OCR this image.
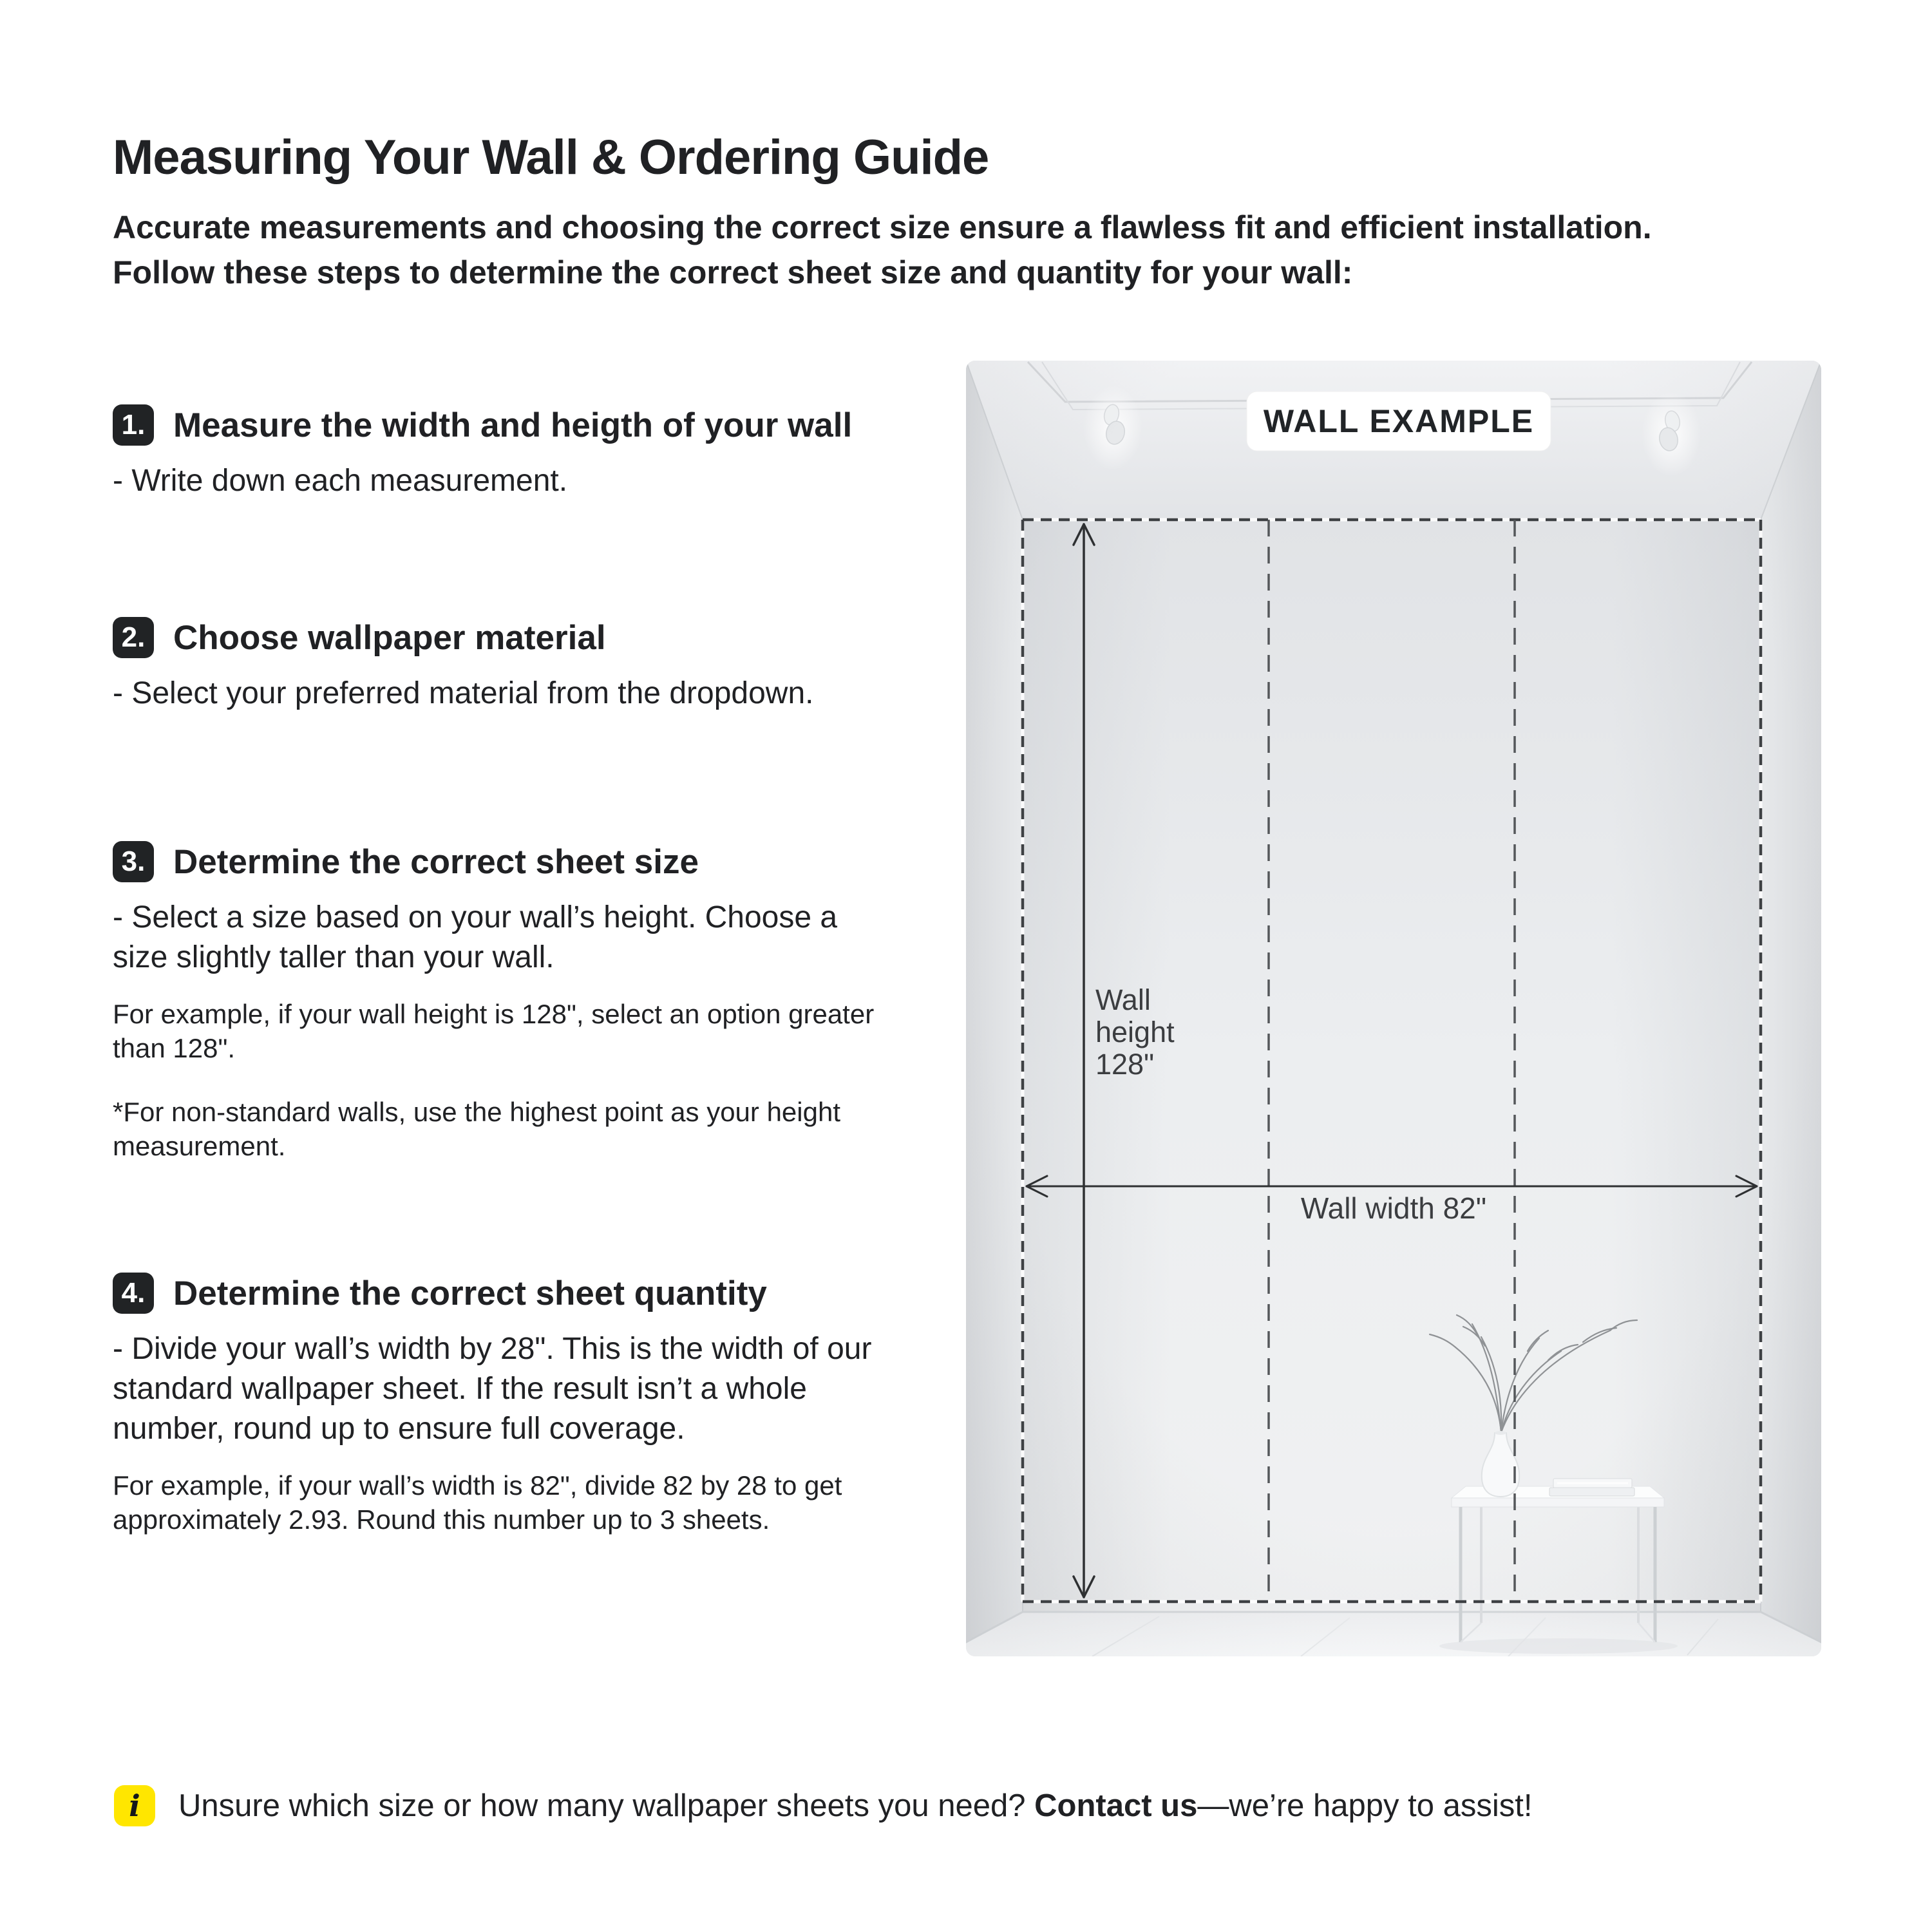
Measuring Your Wall & Ordering Guide
Accurate measurements and choosing the correct size ensure a flawless fit and efficient installation.
Follow these steps to determine the correct sheet size and quantity for your wall:
1. Measure the width and heigth of your wall
- Write down each measurement.
2. Choose wallpaper material
- Select your preferred material from the dropdown.
3. Determine the correct sheet size
- Select a size based on your wall’s height. Choose a
size slightly taller than your wall.
For example, if your wall height is 128", select an option greater
than 128".
*For non-standard walls, use the highest point as your height
measurement.
4. Determine the correct sheet quantity
- Divide your wall’s width by 28". This is the width of our
standard wallpaper sheet. If the result isn’t a whole
number, round up to ensure full coverage.
For example, if your wall’s width is 82", divide 82 by 28 to get
approximately 2.93. Round this number up to 3 sheets.
Wall
height
128"
Wall width 82"
WALL EXAMPLE
i Unsure which size or how many wallpaper sheets you need? Contact us—we’re happy to assist!
